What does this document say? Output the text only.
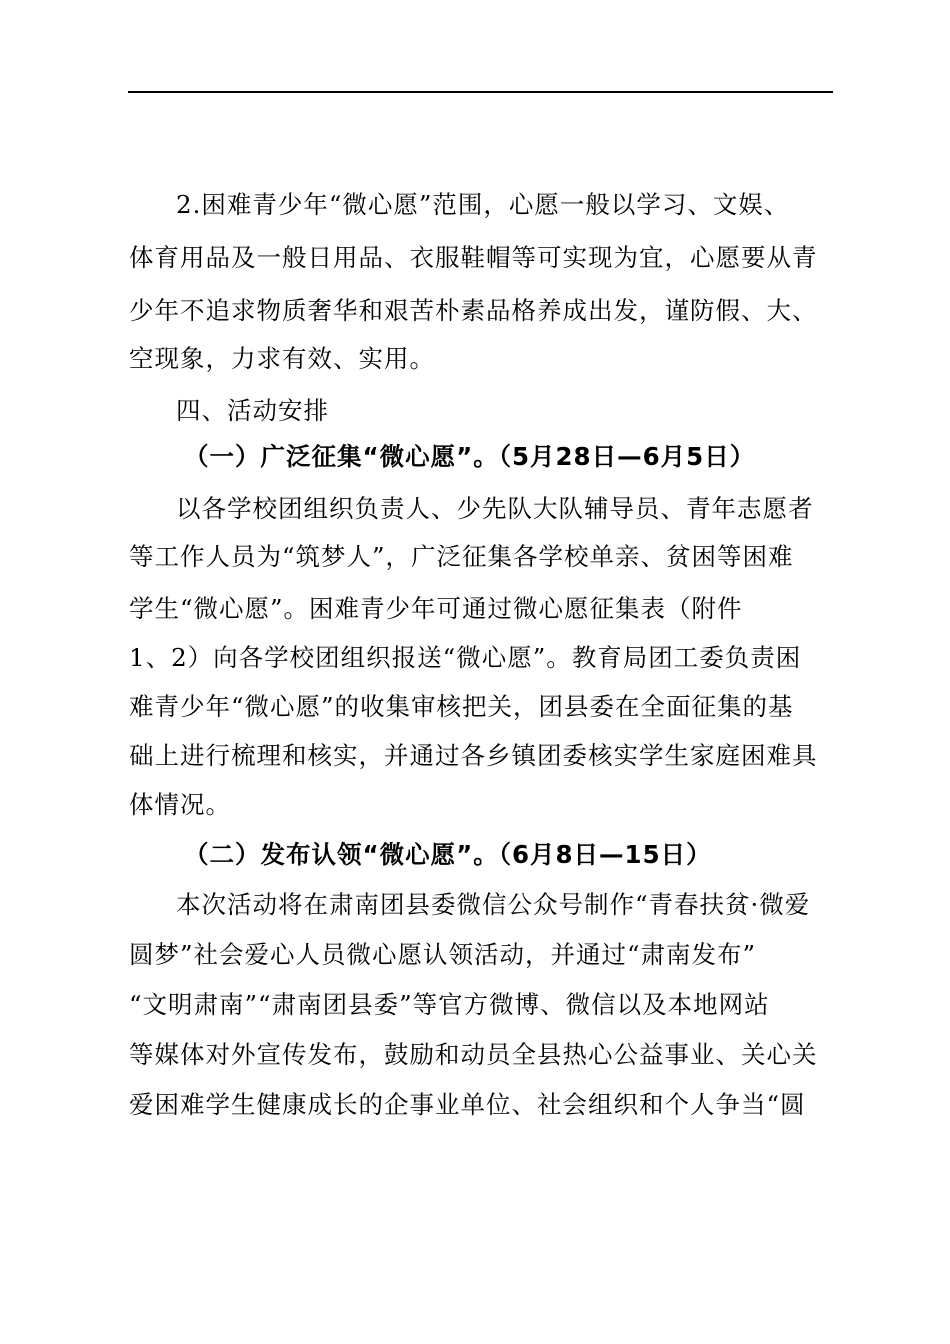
2.困难青少年“微心愿”范围，心愿一般以学习、文娱、
体育用品及一般日用品、衣服鞋帽等可实现为宜，心愿要从青
少年不追求物质奢华和艰苦朴素品格养成出发，谨防假、大、
空现象，力求有效、实用。
四、活动安排
（一）广泛征集“微心愿”。（5月28日—6月5日）
以各学校团组织负责人、少先队大队辅导员、青年志愿者
等工作人员为“筑梦人”，广泛征集各学校单亲、贫困等困难
学生“微心愿”。困难青少年可通过微心愿征集表（附件
1、2）向各学校团组织报送“微心愿”。教育局团工委负责困
难青少年“微心愿”的收集审核把关，团县委在全面征集的基
础上进行梳理和核实，并通过各乡镇团委核实学生家庭困难具
体情况。
（二）发布认领“微心愿”。（6月8日—15日）
本次活动将在肃南团县委微信公众号制作“青春扶贫·微爱
圆梦”社会爱心人员微心愿认领活动，并通过“肃南发布”
“文明肃南”“肃南团县委”等官方微博、微信以及本地网站
等媒体对外宣传发布，鼓励和动员全县热心公益事业、关心关
爱困难学生健康成长的企事业单位、社会组织和个人争当“圆
